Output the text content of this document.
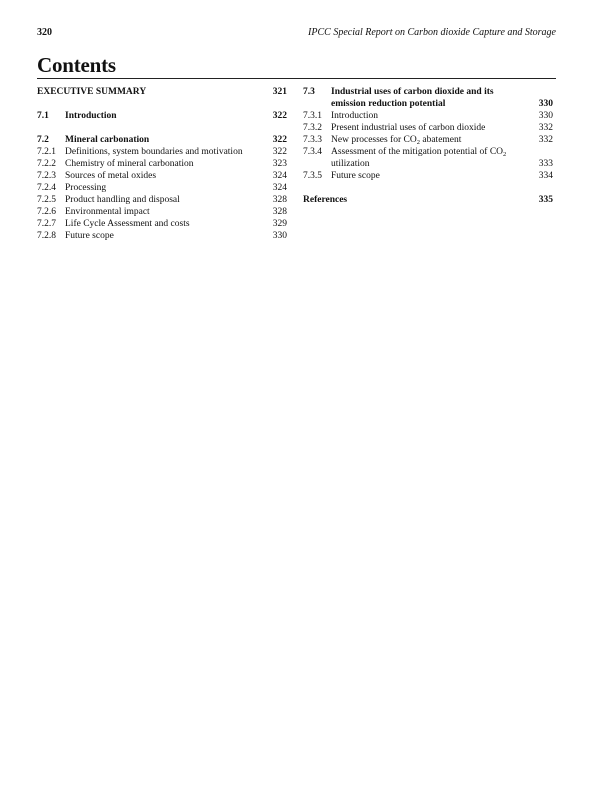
320	IPCC Special Report on Carbon dioxide Capture and Storage
Contents
EXECUTIVE SUMMARY	321
7.1	Introduction	322
7.2	Mineral carbonation	322
7.2.1 Definitions, system boundaries and motivation	322
7.2.2 Chemistry of mineral carbonation	323
7.2.3 Sources of metal oxides	324
7.2.4 Processing	324
7.2.5 Product handling and disposal	328
7.2.6 Environmental impact	328
7.2.7 Life Cycle Assessment and costs	329
7.2.8 Future scope	330
7.3	Industrial uses of carbon dioxide and its emission reduction potential	330
7.3.1 Introduction	330
7.3.2 Present industrial uses of carbon dioxide	332
7.3.3 New processes for $CO_2$ abatement	332
7.3.4 Assessment of the mitigation potential of $CO_2$ utilization	333
7.3.5 Future scope	334
References	335
